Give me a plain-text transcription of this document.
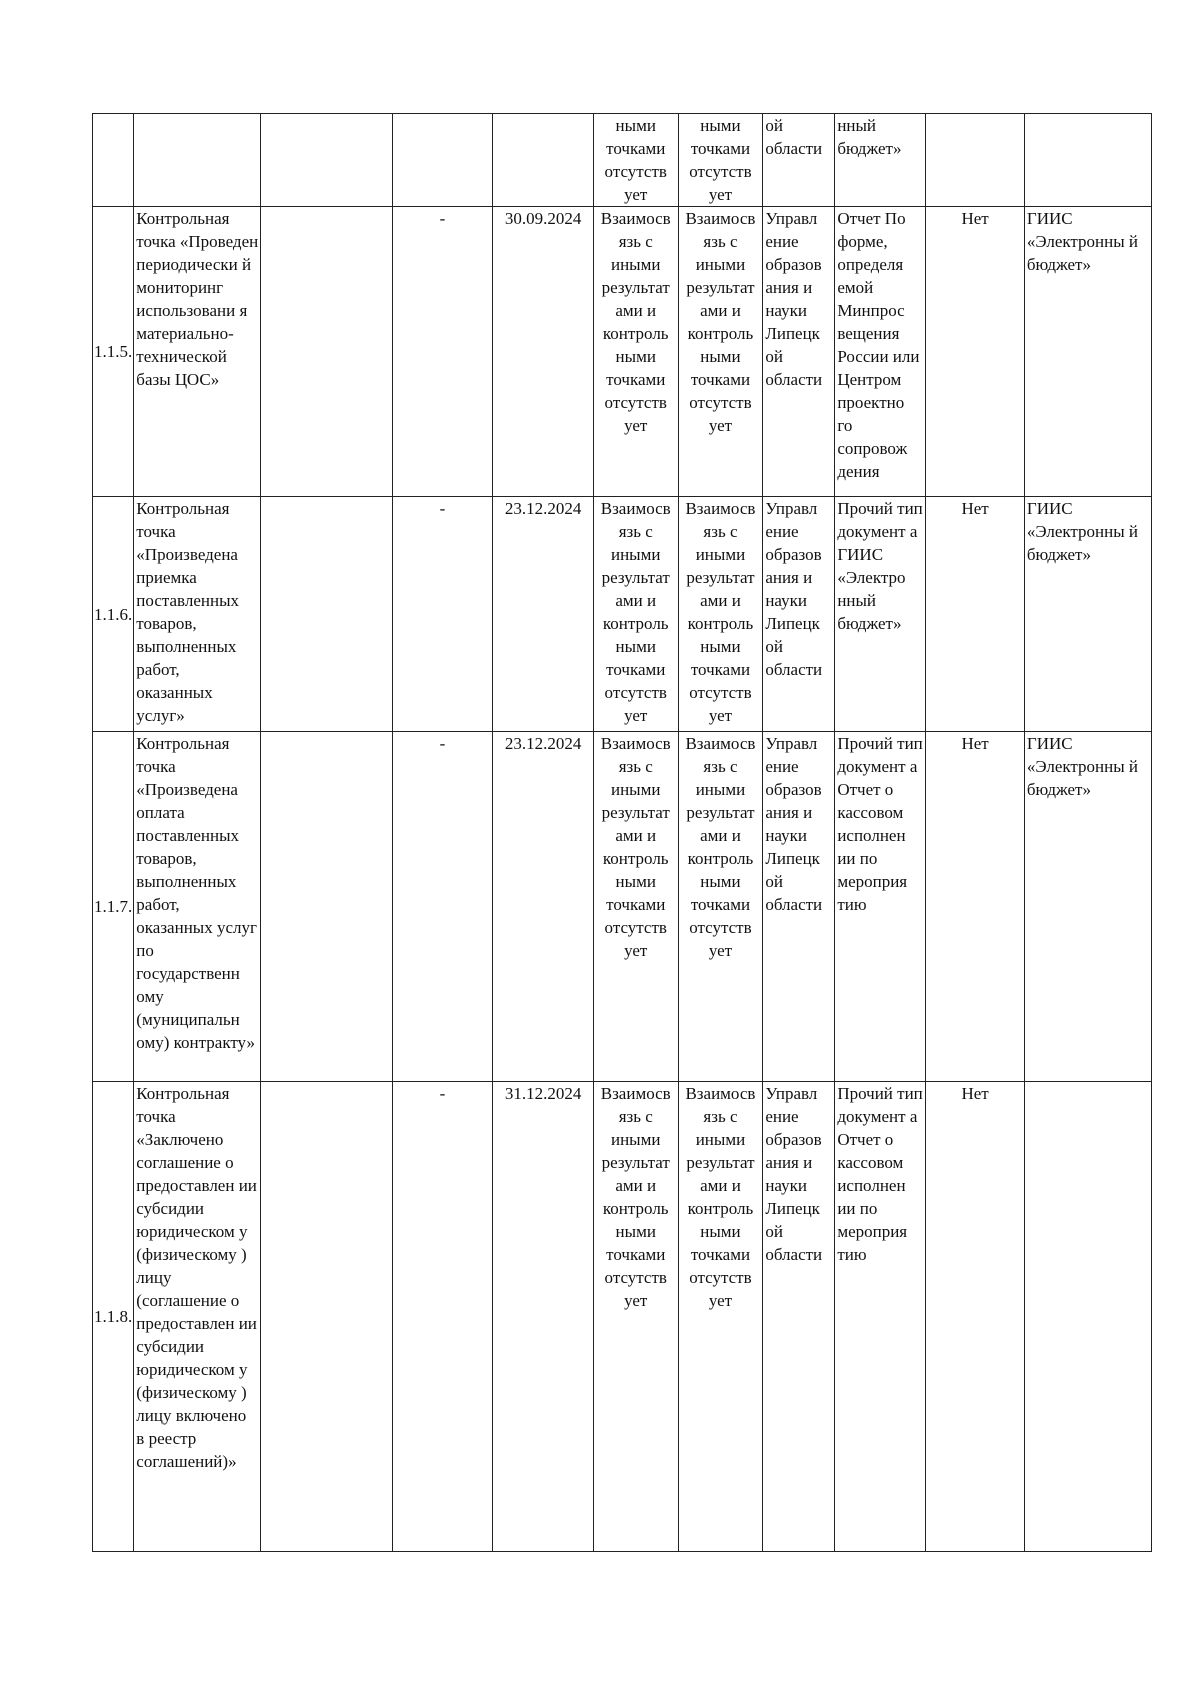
					ными точками отсутств ует	ными точками отсутств ует	ой области	нный бюджет»		
1.1.5.	Контрольная точка «Проведен периодически й мониторинг использовани я материально-технической базы ЦОС»		-	30.09.2024	Взаимосв язь с иными результат ами и контроль ными точками отсутств ует	Взаимосв язь с иными результат ами и контроль ными точками отсутств ует	Управл ение образов ания и науки Липецк ой области	Отчет По форме, определя емой Минпрос вещения России или Центром проектно го сопровож дения	Нет	ГИИС «Электронны й бюджет»
1.1.6.	Контрольная точка «Произведена приемка поставленных товаров, выполненных работ, оказанных услуг»		-	23.12.2024	Взаимосв язь с иными результат ами и контроль ными точками отсутств ует	Взаимосв язь с иными результат ами и контроль ными точками отсутств ует	Управл ение образов ания и науки Липецк ой области	Прочий тип документ а ГИИС «Электро нный бюджет»	Нет	ГИИС «Электронны й бюджет»
1.1.7.	Контрольная точка «Произведена оплата поставленных товаров, выполненных работ, оказанных услуг по государственн ому (муниципальн ому) контракту»		-	23.12.2024	Взаимосв язь с иными результат ами и контроль ными точками отсутств ует	Взаимосв язь с иными результат ами и контроль ными точками отсутств ует	Управл ение образов ания и науки Липецк ой области	Прочий тип документ а Отчет о кассовом исполнен ии по мероприя тию	Нет	ГИИС «Электронны й бюджет»
1.1.8.	Контрольная точка «Заключено соглашение о предоставлен ии субсидии юридическом у (физическому ) лицу (соглашение о предоставлен ии субсидии юридическом у (физическому ) лицу включено в реестр соглашений)»		-	31.12.2024	Взаимосв язь с иными результат ами и контроль ными точками отсутств ует	Взаимосв язь с иными результат ами и контроль ными точками отсутств ует	Управл ение образов ания и науки Липецк ой области	Прочий тип документ а Отчет о кассовом исполнен ии по мероприя тию	Нет	
